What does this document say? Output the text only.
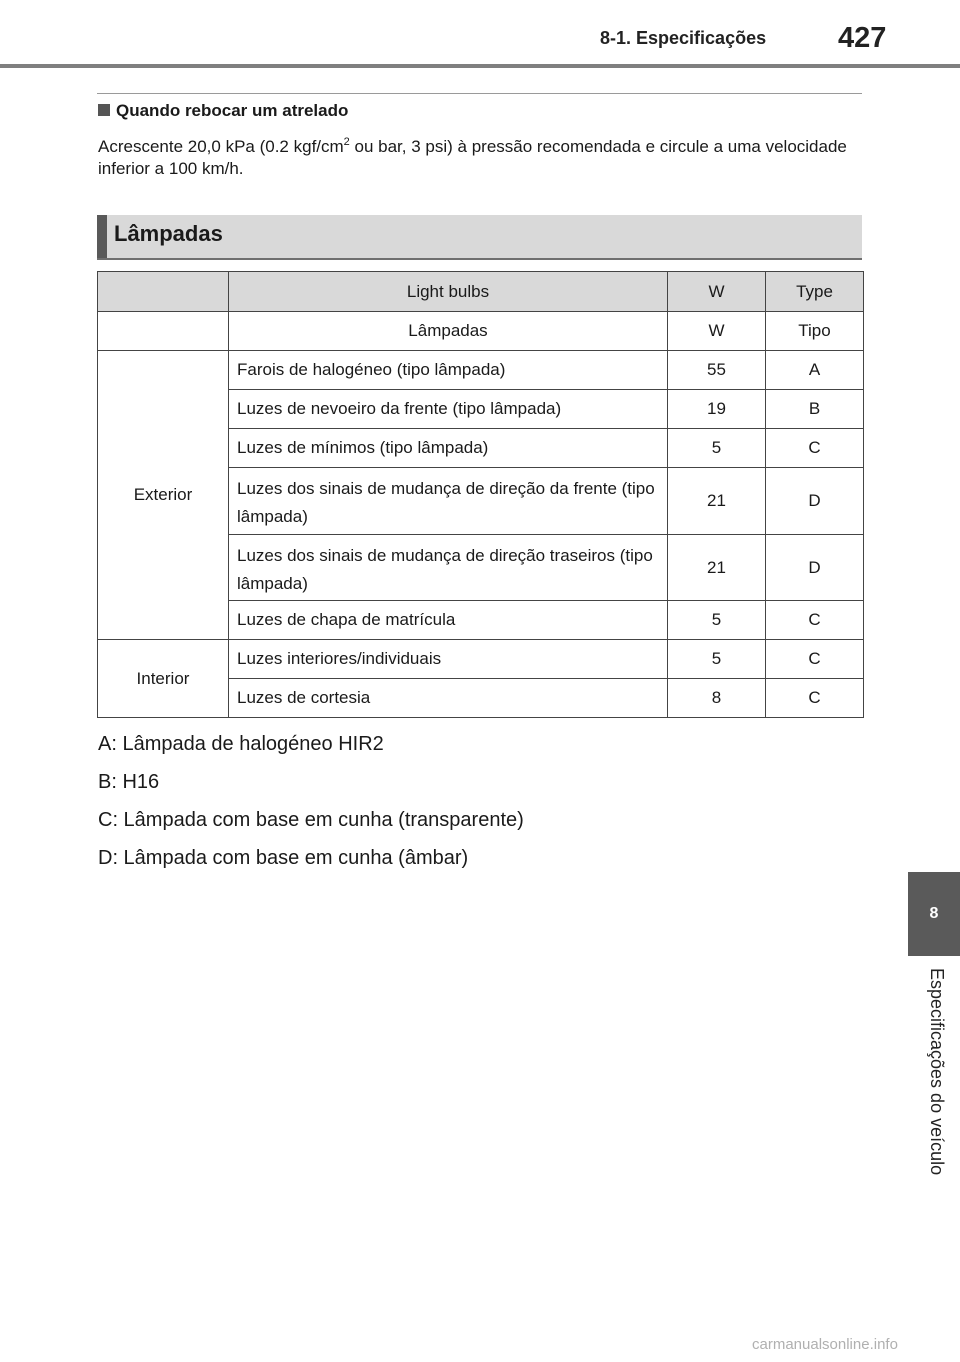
8-1. Especificações 427
Quando rebocar um atrelado
Acrescente 20,0 kPa (0.2 kgf/$cm^2$ ou bar, 3 psi) à pressão recomendada e circule a uma velocidade inferior a 100 km/h.
Lâmpadas
	Light bulbs	W	Type
	Lâmpadas	W	Tipo
Exterior	Farois de halogéneo (tipo lâmpada)	55	A
	Luzes de nevoeiro da frente (tipo lâmpada)	19	B
	Luzes de mínimos (tipo lâmpada)	5	C
	Luzes dos sinais de mudança de direção da frente (tipo lâmpada)	21	D
	Luzes dos sinais de mudança de direção traseiros (tipo lâmpada)	21	D
	Luzes de chapa de matrícula	5	C
Interior	Luzes interiores/individuais	5	C
	Luzes de cortesia	8	C
A: Lâmpada de halogéneo HIR2
B: H16
C: Lâmpada com base em cunha (transparente)
D: Lâmpada com base em cunha (âmbar)
8
Especificações do veículo
carmanualsonline.info
